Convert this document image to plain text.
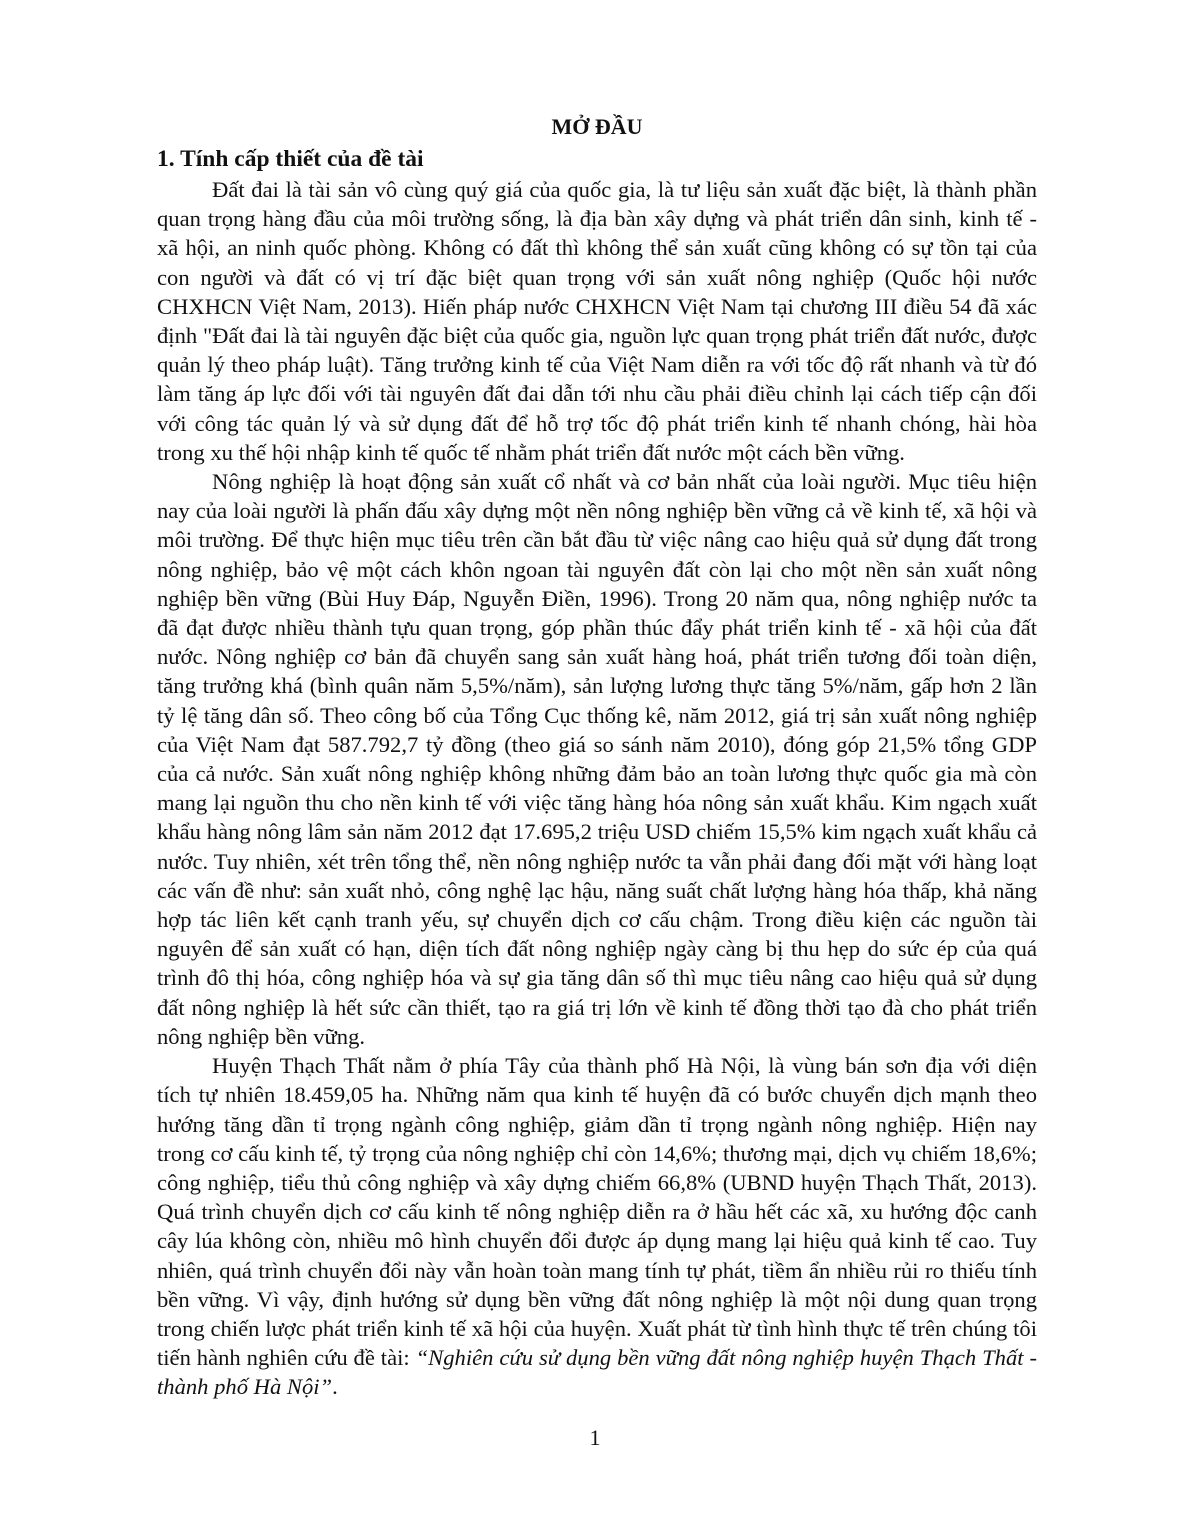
MỞ ĐẦU
1. Tính cấp thiết của đề tài

Đất đai là tài sản vô cùng quý giá của quốc gia, là tư liệu sản xuất đặc biệt, là thành phần quan trọng hàng đầu của môi trường sống, là địa bàn xây dựng và phát triển dân sinh, kinh tế - xã hội, an ninh quốc phòng. Không có đất thì không thể sản xuất cũng không có sự tồn tại của con người và đất có vị trí đặc biệt quan trọng với sản xuất nông nghiệp (Quốc hội nước CHXHCN Việt Nam, 2013). Hiến pháp nước CHXHCN Việt Nam tại chương III điều 54 đã xác định "Đất đai là tài nguyên đặc biệt của quốc gia, nguồn lực quan trọng phát triển đất nước, được quản lý theo pháp luật). Tăng trưởng kinh tế của Việt Nam diễn ra với tốc độ rất nhanh và từ đó làm tăng áp lực đối với tài nguyên đất đai dẫn tới nhu cầu phải điều chỉnh lại cách tiếp cận đối với công tác quản lý và sử dụng đất để hỗ trợ tốc độ phát triển kinh tế nhanh chóng, hài hòa trong xu thế hội nhập kinh tế quốc tế nhằm phát triển đất nước một cách bền vững.

Nông nghiệp là hoạt động sản xuất cổ nhất và cơ bản nhất của loài người. Mục tiêu hiện nay của loài người là phấn đấu xây dựng một nền nông nghiệp bền vững cả về kinh tế, xã hội và môi trường. Để thực hiện mục tiêu trên cần bắt đầu từ việc nâng cao hiệu quả sử dụng đất trong nông nghiệp, bảo vệ một cách khôn ngoan tài nguyên đất còn lại cho một nền sản xuất nông nghiệp bền vững (Bùi Huy Đáp, Nguyễn Điền, 1996). Trong 20 năm qua, nông nghiệp nước ta đã đạt được nhiều thành tựu quan trọng, góp phần thúc đẩy phát triển kinh tế - xã hội của đất nước. Nông nghiệp cơ bản đã chuyển sang sản xuất hàng hoá, phát triển tương đối toàn diện, tăng trưởng khá (bình quân năm 5,5%/năm), sản lượng lương thực tăng 5%/năm, gấp hơn 2 lần tỷ lệ tăng dân số. Theo công bố của Tổng Cục thống kê, năm 2012, giá trị sản xuất nông nghiệp của Việt Nam đạt 587.792,7 tỷ đồng (theo giá so sánh năm 2010), đóng góp 21,5% tổng GDP của cả nước. Sản xuất nông nghiệp không những đảm bảo an toàn lương thực quốc gia mà còn mang lại nguồn thu cho nền kinh tế với việc tăng hàng hóa nông sản xuất khẩu. Kim ngạch xuất khẩu hàng nông lâm sản năm 2012 đạt 17.695,2 triệu USD chiếm 15,5% kim ngạch xuất khẩu cả nước. Tuy nhiên, xét trên tổng thể, nền nông nghiệp nước ta vẫn phải đang đối mặt với hàng loạt các vấn đề như: sản xuất nhỏ, công nghệ lạc hậu, năng suất chất lượng hàng hóa thấp, khả năng hợp tác liên kết cạnh tranh yếu, sự chuyển dịch cơ cấu chậm. Trong điều kiện các nguồn tài nguyên để sản xuất có hạn, diện tích đất nông nghiệp ngày càng bị thu hẹp do sức ép của quá trình đô thị hóa, công nghiệp hóa và sự gia tăng dân số thì mục tiêu nâng cao hiệu quả sử dụng đất nông nghiệp là hết sức cần thiết, tạo ra giá trị lớn về kinh tế đồng thời tạo đà cho phát triển nông nghiệp bền vững.

Huyện Thạch Thất nằm ở phía Tây của thành phố Hà Nội, là vùng bán sơn địa với diện tích tự nhiên 18.459,05 ha. Những năm qua kinh tế huyện đã có bước chuyển dịch mạnh theo hướng tăng dần tỉ trọng ngành công nghiệp, giảm dần tỉ trọng ngành nông nghiệp. Hiện nay trong cơ cấu kinh tế, tỷ trọng của nông nghiệp chỉ còn 14,6%; thương mại, dịch vụ chiếm 18,6%; công nghiệp, tiểu thủ công nghiệp và xây dựng chiếm 66,8% (UBND huyện Thạch Thất, 2013). Quá trình chuyển dịch cơ cấu kinh tế nông nghiệp diễn ra ở hầu hết các xã, xu hướng độc canh cây lúa không còn, nhiều mô hình chuyển đổi được áp dụng mang lại hiệu quả kinh tế cao. Tuy nhiên, quá trình chuyển đổi này vẫn hoàn toàn mang tính tự phát, tiềm ẩn nhiều rủi ro thiếu tính bền vững. Vì vậy, định hướng sử dụng bền vững đất nông nghiệp là một nội dung quan trọng trong chiến lược phát triển kinh tế xã hội của huyện. Xuất phát từ tình hình thực tế trên chúng tôi tiến hành nghiên cứu đề tài: “Nghiên cứu sử dụng bền vững đất nông nghiệp huyện Thạch Thất - thành phố Hà Nội”.

1
